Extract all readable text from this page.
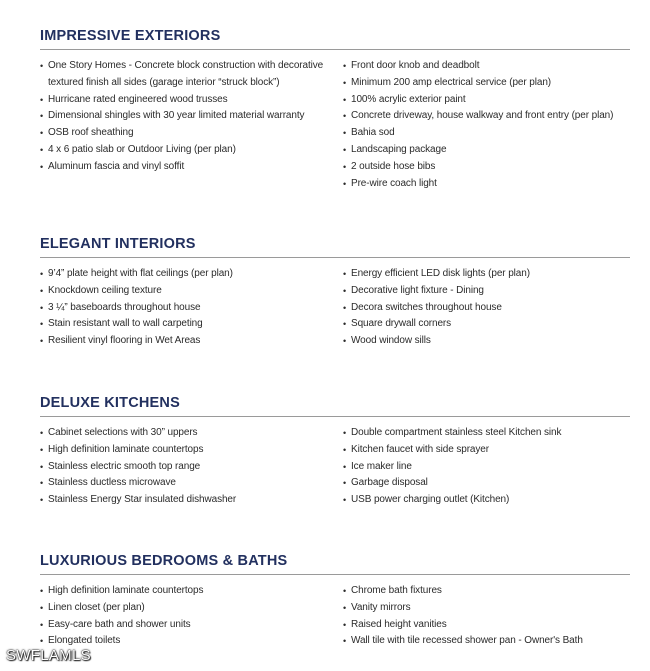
IMPRESSIVE EXTERIORS
• One Story Homes - Concrete block construction with decorative textured finish all sides (garage interior “struck block”)
• Hurricane rated engineered wood trusses
• Dimensional shingles with 30 year limited material warranty
• OSB roof sheathing
• 4 x 6 patio slab or Outdoor Living (per plan)
• Aluminum fascia and vinyl soffit
• Front door knob and deadbolt
• Minimum 200 amp electrical service (per plan)
• 100% acrylic exterior paint
• Concrete driveway, house walkway and front entry (per plan)
• Bahia sod
• Landscaping package
• 2 outside hose bibs
• Pre-wire coach light
ELEGANT INTERIORS
• 9’4” plate height with flat ceilings (per plan)
• Knockdown ceiling texture
• 3 ¼” baseboards throughout house
• Stain resistant wall to wall carpeting
• Resilient vinyl flooring in Wet Areas
• Energy efficient LED disk lights (per plan)
• Decorative light fixture - Dining
• Decora switches throughout house
• Square drywall corners
• Wood window sills
DELUXE KITCHENS
• Cabinet selections with 30” uppers
• High definition laminate countertops
• Stainless electric smooth top range
• Stainless ductless microwave
• Stainless Energy Star insulated dishwasher
• Double compartment stainless steel Kitchen sink
• Kitchen faucet with side sprayer
• Ice maker line
• Garbage disposal
• USB power charging outlet (Kitchen)
LUXURIOUS BEDROOMS & BATHS
• High definition laminate countertops
• Linen closet (per plan)
• Easy-care bath and shower units
• Elongated toilets
• Chrome bath fixtures
• Vanity mirrors
• Raised height vanities
• Wall tile with tile recessed shower pan - Owner's Bath
SWFLAMLS
